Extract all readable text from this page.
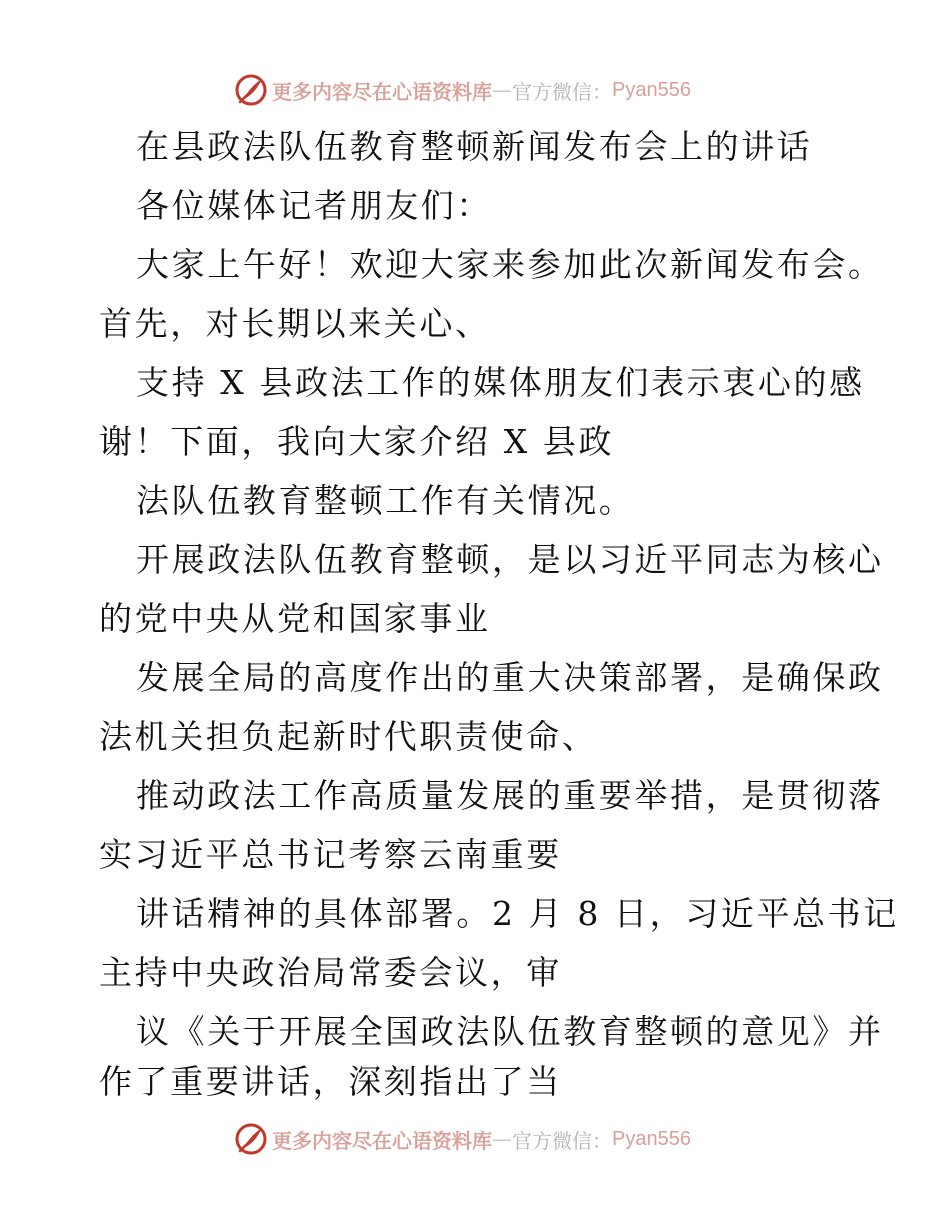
更多内容尽在心语资料库 — 官方微信： Pyan556
在县政法队伍教育整顿新闻发布会上的讲话
各位媒体记者朋友们：
大家上午好！欢迎大家来参加此次新闻发布会。
首先，对长期以来关心、
支持 X 县政法工作的媒体朋友们表示衷心的感
谢！下面，我向大家介绍 X 县政
法队伍教育整顿工作有关情况。
开展政法队伍教育整顿，是以习近平同志为核心
的党中央从党和国家事业
发展全局的高度作出的重大决策部署，是确保政
法机关担负起新时代职责使命、
推动政法工作高质量发展的重要举措，是贯彻落
实习近平总书记考察云南重要
讲话精神的具体部署。2 月 8 日，习近平总书记
主持中央政治局常委会议，审
议《关于开展全国政法队伍教育整顿的意见》并
作了重要讲话，深刻指出了当
更多内容尽在心语资料库 — 官方微信： Pyan556
